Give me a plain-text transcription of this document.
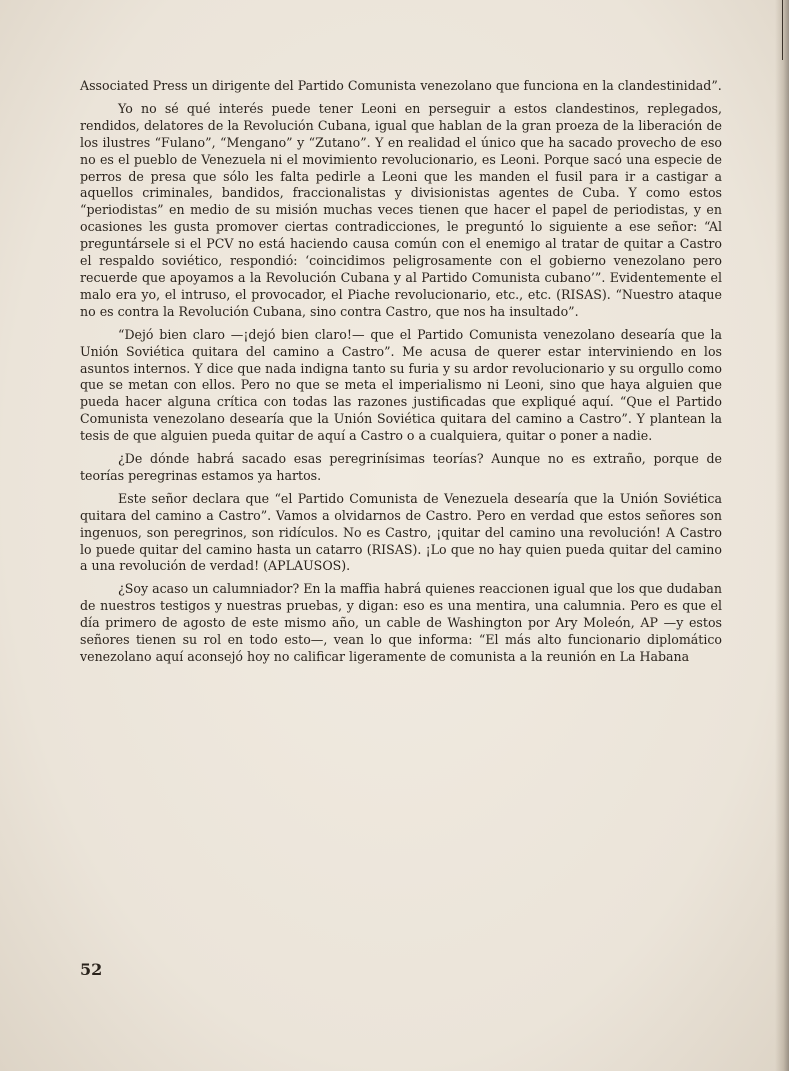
Associated Press un dirigente del Partido Comunista venezolano que funciona en la clandestinidad”.

Yo no sé qué interés puede tener Leoni en perseguir a estos clandestinos, replegados, rendidos, delatores de la Revolución Cubana, igual que hablan de la gran proeza de la liberación de los ilustres “Fulano”, “Mengano” y “Zutano”. Y en realidad el único que ha sacado provecho de eso no es el pueblo de Venezuela ni el movimiento revolucionario, es Leoni. Porque sacó una especie de perros de presa que sólo les falta pedirle a Leoni que les manden el fusil para ir a castigar a aquellos criminales, bandidos, fraccionalistas y divisionistas agentes de Cuba. Y como estos “periodistas” en medio de su misión muchas veces tienen que hacer el papel de periodistas, y en ocasiones les gusta promover ciertas contradicciones, le preguntó lo siguiente a ese señor: “Al preguntársele si el PCV no está haciendo causa común con el enemigo al tratar de quitar a Castro el respaldo soviético, respondió: ‘coincidimos peligrosamente con el gobierno venezolano pero recuerde que apoyamos a la Revolución Cubana y al Partido Comunista cubano’”. Evidentemente el malo era yo, el intruso, el provocador, el Piache revolucionario, etc., etc. (RISAS). “Nuestro ataque no es contra la Revolución Cubana, sino contra Castro, que nos ha insultado”.

“Dejó bien claro —¡dejó bien claro!— que el Partido Comunista venezolano desearía que la Unión Soviética quitara del camino a Castro”. Me acusa de querer estar interviniendo en los asuntos internos. Y dice que nada indigna tanto su furia y su ardor revolucionario y su orgullo como que se metan con ellos. Pero no que se meta el imperialismo ni Leoni, sino que haya alguien que pueda hacer alguna crítica con todas las razones justificadas que expliqué aquí. “Que el Partido Comunista venezolano desearía que la Unión Soviética quitara del camino a Castro”. Y plantean la tesis de que alguien pueda quitar de aquí a Castro o a cualquiera, quitar o poner a nadie.

¿De dónde habrá sacado esas peregrinísimas teorías? Aunque no es extraño, porque de teorías peregrinas estamos ya hartos.

Este señor declara que “el Partido Comunista de Venezuela desearía que la Unión Soviética quitara del camino a Castro”. Vamos a olvidarnos de Castro. Pero en verdad que estos señores son ingenuos, son peregrinos, son ridículos. No es Castro, ¡quitar del camino una revolución! A Castro lo puede quitar del camino hasta un catarro (RISAS). ¡Lo que no hay quien pueda quitar del camino a una revolución de verdad! (APLAUSOS).

¿Soy acaso un calumniador? En la maffia habrá quienes reaccionen igual que los que dudaban de nuestros testigos y nuestras pruebas, y digan: eso es una mentira, una calumnia. Pero es que el día primero de agosto de este mismo año, un cable de Washington por Ary Moleón, AP —y estos señores tienen su rol en todo esto—, vean lo que informa: “El más alto funcionario diplomático venezolano aquí aconsejó hoy no calificar ligeramente de comunista a la reunión en La Habana

52
